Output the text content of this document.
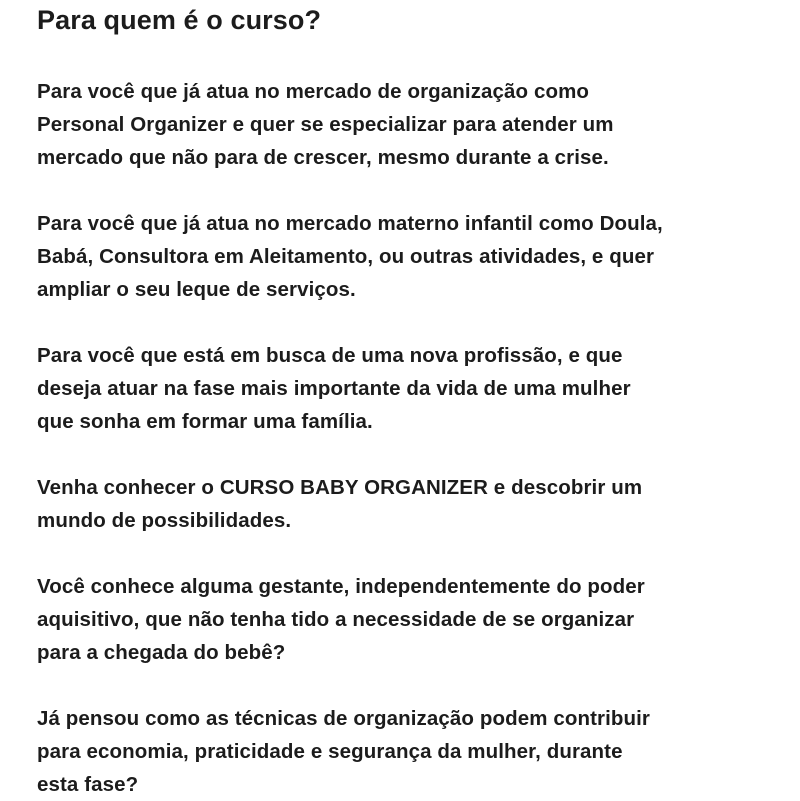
Para quem é o curso?

Para você que já atua no mercado de organização como
Personal Organizer e quer se especializar para atender um
mercado que não para de crescer, mesmo durante a crise.

Para você que já atua no mercado materno infantil como Doula,
Babá, Consultora em Aleitamento, ou outras atividades, e quer
ampliar o seu leque de serviços.

Para você que está em busca de uma nova profissão, e que
deseja atuar na fase mais importante da vida de uma mulher
que sonha em formar uma família.

Venha conhecer o CURSO BABY ORGANIZER e descobrir um
mundo de possibilidades.

Você conhece alguma gestante, independentemente do poder
aquisitivo, que não tenha tido a necessidade de se organizar
para a chegada do bebê?

Já pensou como as técnicas de organização podem contribuir
para economia, praticidade e segurança da mulher, durante
esta fase?
